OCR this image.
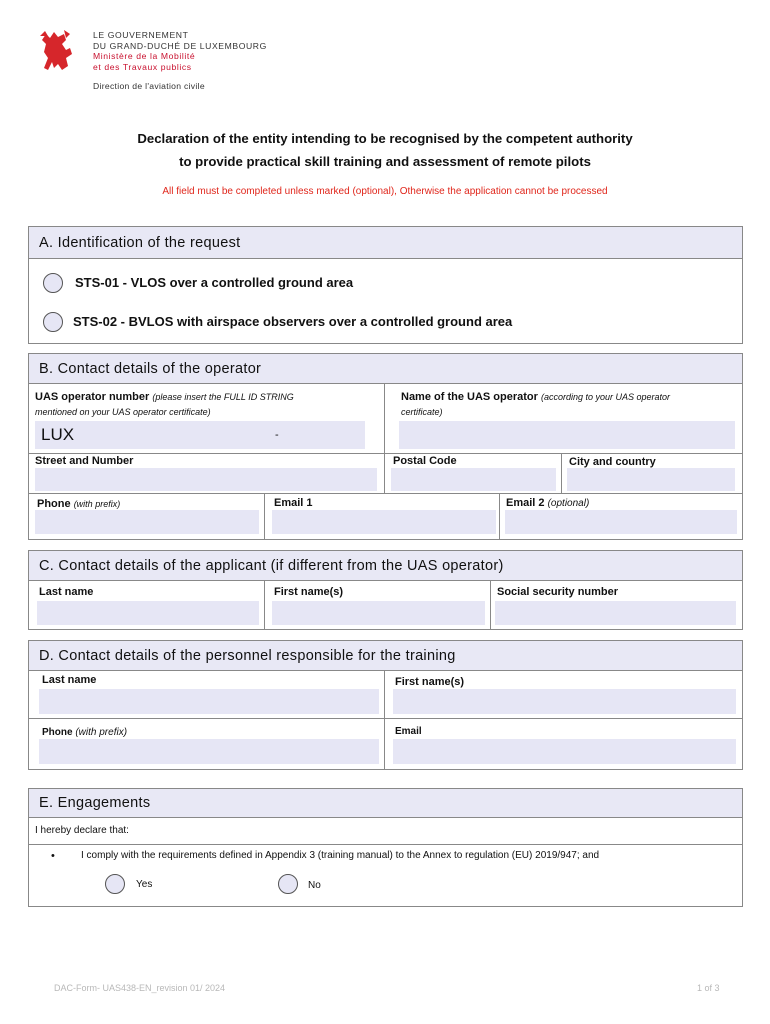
LE GOUVERNEMENT
DU GRAND-DUCHÉ DE LUXEMBOURG
Ministère de la Mobilité
et des Travaux publics
Direction de l'aviation civile
Declaration of the entity intending to be recognised by the competent authority
to provide practical skill training and assessment of remote pilots
All field must be completed unless marked (optional), Otherwise the application cannot be processed
A. Identification of the request
STS-01 - VLOS over a controlled ground area
STS-02 - BVLOS with airspace observers over a controlled ground area
B. Contact details of the operator
UAS operator number (please insert the FULL ID STRING
mentioned on your UAS operator certificate)
LUX	-
Name of the UAS operator (according to your UAS operator
certificate)
Street and Number	Postal Code	City and country
Phone (with prefix)	Email 1	Email 2 (optional)
C. Contact details of the applicant (if different from the UAS operator)
Last name	First name(s)	Social security number
D. Contact details of the personnel responsible for the training
Last name	First name(s)
Phone (with prefix)	Email
E. Engagements
I hereby declare that:
•	I comply with the requirements defined in Appendix 3 (training manual) to the Annex to regulation (EU) 2019/947; and
Yes	No
DAC-Form- UAS438-EN_revision 01/ 2024	1 of 3
